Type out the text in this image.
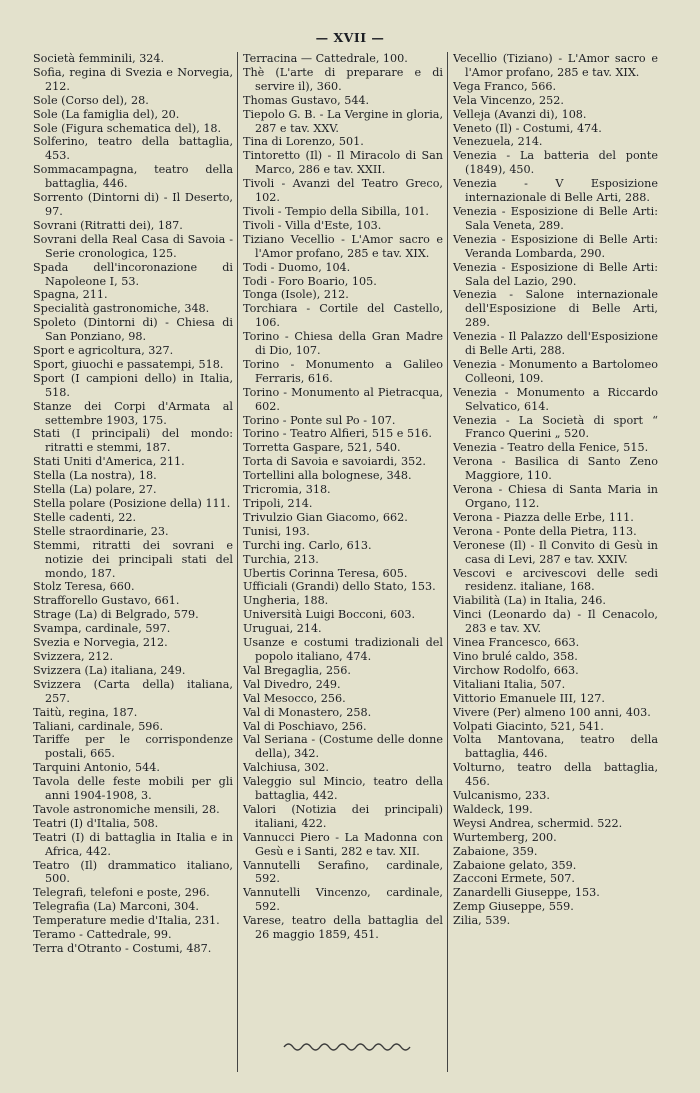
— XVII —
Società femminili, 324.
Sofia, regina di Svezia e Norvegia, 212.
Sole (Corso del), 28.
Sole (La famiglia del), 20.
Sole (Figura schematica del), 18.
Solferino, teatro della battaglia, 453.
Sommacampagna, teatro della battaglia, 446.
Sorrento (Dintorni di) - Il Deserto, 97.
Sovrani (Ritratti dei), 187.
Sovrani della Real Casa di Savoia - Serie cronologica, 125.
Spada dell'incoronazione di Napoleone I, 53.
Spagna, 211.
Specialità gastronomiche, 348.
Spoleto (Dintorni di) - Chiesa di San Ponziano, 98.
Sport e agricoltura, 327.
Sport, giuochi e passatempi, 518.
Sport (I campioni dello) in Italia, 518.
Stanze dei Corpi d'Armata al settembre 1903, 175.
Stati (I principali) del mondo: ritratti e stemmi, 187.
Stati Uniti d'America, 211.
Stella (La nostra), 18.
Stella (La) polare, 27.
Stella polare (Posizione della) 111.
Stelle cadenti, 22.
Stelle straordinarie, 23.
Stemmi, ritratti dei sovrani e notizie dei principali stati del mondo, 187.
Stolz Teresa, 660.
Strafforello Gustavo, 661.
Strage (La) di Belgrado, 579.
Svampa, cardinale, 597.
Svezia e Norvegia, 212.
Svizzera, 212.
Svizzera (La) italiana, 249.
Svizzera (Carta della) italiana, 257.
Taitù, regina, 187.
Taliani, cardinale, 596.
Tariffe per le corrispondenze postali, 665.
Tarquini Antonio, 544.
Tavola delle feste mobili per gli anni 1904-1908, 3.
Tavole astronomiche mensili, 28.
Teatri (I) d'Italia, 508.
Teatri (I) di battaglia in Italia e in Africa, 442.
Teatro (Il) drammatico italiano, 500.
Telegrafi, telefoni e poste, 296.
Telegrafia (La) Marconi, 304.
Temperature medie d'Italia, 231.
Teramo - Cattedrale, 99.
Terra d'Otranto - Costumi, 487.
Terracina — Cattedrale, 100.
Thè (L'arte di preparare e di servire il), 360.
Thomas Gustavo, 544.
Tiepolo G. B. - La Vergine in gloria, 287 e tav. XXV.
Tina di Lorenzo, 501.
Tintoretto (Il) - Il Miracolo di San Marco, 286 e tav. XXII.
Tivoli - Avanzi del Teatro Greco, 102.
Tivoli - Tempio della Sibilla, 101.
Tivoli - Villa d'Este, 103.
Tiziano Vecellio - L'Amor sacro e l'Amor profano, 285 e tav. XIX.
Todi - Duomo, 104.
Todi - Foro Boario, 105.
Tonga (Isole), 212.
Torchiara - Cortile del Castello, 106.
Torino - Chiesa della Gran Madre di Dio, 107.
Torino - Monumento a Galileo Ferraris, 616.
Torino - Monumento al Pietracqua, 602.
Torino - Ponte sul Po - 107.
Torino - Teatro Alfieri, 515 e 516.
Torretta Gaspare, 521, 540.
Torta di Savoia e savoiardi, 352.
Tortellini alla bolognese, 348.
Tricromia, 318.
Tripoli, 214.
Trivulzio Gian Giacomo, 662.
Tunisi, 193.
Turchi ing. Carlo, 613.
Turchia, 213.
Ubertis Corinna Teresa, 605.
Ufficiali (Grandi) dello Stato, 153.
Ungheria, 188.
Università Luigi Bocconi, 603.
Uruguai, 214.
Usanze e costumi tradizionali del popolo italiano, 474.
Val Bregaglia, 256.
Val Divedro, 249.
Val Mesocco, 256.
Val di Monastero, 258.
Val di Poschiavo, 256.
Val Seriana - (Costume delle donne della), 342.
Valchiusa, 302.
Valeggio sul Mincio, teatro della battaglia, 442.
Valori (Notizia dei principali) italiani, 422.
Vannucci Piero - La Madonna con Gesù e i Santi, 282 e tav. XII.
Vannutelli Serafino, cardinale, 592.
Vannutelli Vincenzo, cardinale, 592.
Varese, teatro della battaglia del 26 maggio 1859, 451.
Vecellio (Tiziano) - L'Amor sacro e l'Amor profano, 285 e tav. XIX.
Vega Franco, 566.
Vela Vincenzo, 252.
Velleja (Avanzi di), 108.
Veneto (Il) - Costumi, 474.
Venezuela, 214.
Venezia - La batteria del ponte (1849), 450.
Venezia - V Esposizione internazionale di Belle Arti, 288.
Venezia - Esposizione di Belle Arti: Sala Veneta, 289.
Venezia - Esposizione di Belle Arti: Veranda Lombarda, 290.
Venezia - Esposizione di Belle Arti: Sala del Lazio, 290.
Venezia - Salone internazionale dell'Esposizione di Belle Arti, 289.
Venezia - Il Palazzo dell'Esposizione di Belle Arti, 288.
Venezia - Monumento a Bartolomeo Colleoni, 109.
Venezia - Monumento a Riccardo Selvatico, 614.
Venezia - La Società di sport “ Franco Querini „ 520.
Venezia - Teatro della Fenice, 515.
Verona - Basilica di Santo Zeno Maggiore, 110.
Verona - Chiesa di Santa Maria in Organo, 112.
Verona - Piazza delle Erbe, 111.
Verona - Ponte della Pietra, 113.
Veronese (Il) - Il Convito di Gesù in casa di Levi, 287 e tav. XXIV.
Vescovi e arcivescovi delle sedi residenz. italiane, 168.
Viabilità (La) in Italia, 246.
Vinci (Leonardo da) - Il Cenacolo, 283 e tav. XV.
Vinea Francesco, 663.
Vino brulé caldo, 358.
Virchow Rodolfo, 663.
Vitaliani Italia, 507.
Vittorio Emanuele III, 127.
Vivere (Per) almeno 100 anni, 403.
Volpati Giacinto, 521, 541.
Volta Mantovana, teatro della battaglia, 446.
Volturno, teatro della battaglia, 456.
Vulcanismo, 233.
Waldeck, 199.
Weysi Andrea, schermid. 522.
Wurtemberg, 200.
Zabaione, 359.
Zabaione gelato, 359.
Zacconi Ermete, 507.
Zanardelli Giuseppe, 153.
Zemp Giuseppe, 559.
Zilia, 539.
